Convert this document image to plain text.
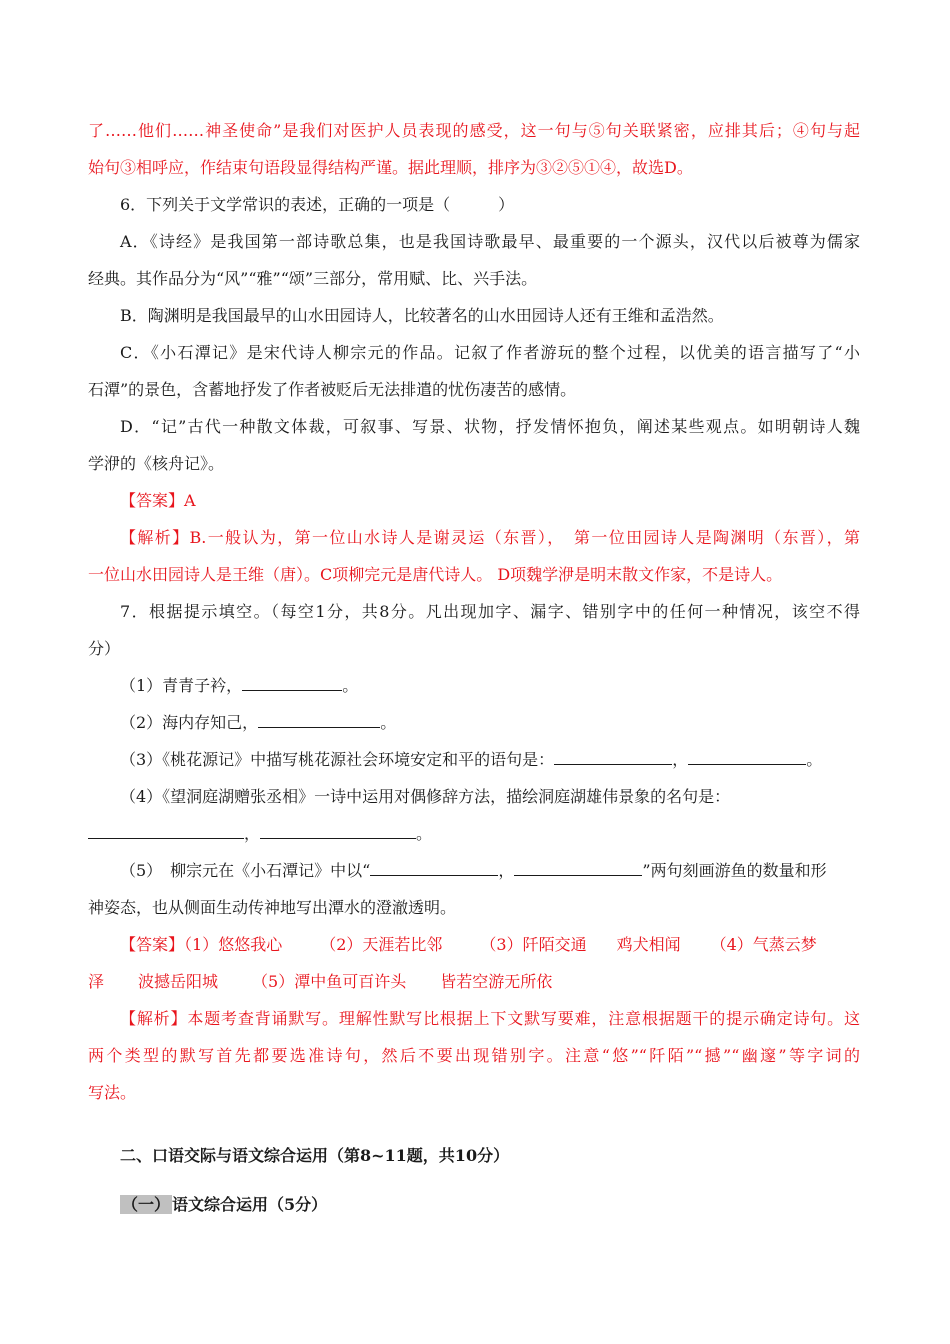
了……他们……神圣使命”是我们对医护人员表现的感受，这一句与⑤句关联紧密，应排其后；④句与起
始句③相呼应，作结束句语段显得结构严谨。据此理顺，排序为③②⑤①④，故选D。
6．下列关于文学常识的表述，正确的一项是（　　　）
A．《诗经》是我国第一部诗歌总集，也是我国诗歌最早、最重要的一个源头，汉代以后被尊为儒家
经典。其作品分为“风”“雅”“颂”三部分，常用赋、比、兴手法。
B．陶渊明是我国最早的山水田园诗人，比较著名的山水田园诗人还有王维和孟浩然。
C．《小石潭记》是宋代诗人柳宗元的作品。记叙了作者游玩的整个过程，以优美的语言描写了“小
石潭”的景色，含蓄地抒发了作者被贬后无法排遣的忧伤凄苦的感情。
D．“记”古代一种散文体裁，可叙事、写景、状物，抒发情怀抱负，阐述某些观点。如明朝诗人魏
学洢的《核舟记》。
【答案】A
【解析】B.一般认为，第一位山水诗人是谢灵运（东晋），　第一位田园诗人是陶渊明（东晋），第
一位山水田园诗人是王维（唐）。C项柳完元是唐代诗人。 D项魏学洢是明末散文作家，不是诗人。
7．根据提示填空。（每空1分，共8分。凡出现加字、漏字、错别字中的任何一种情况，该空不得
分）
（1）青青子衿，	。
（2）海内存知己，	。
（3）《桃花源记》中描写桃花源社会环境安定和平的语句是：	，	。
（4）《望洞庭湖赠张丞相》一诗中运用对偶修辞方法，描绘洞庭湖雄伟景象的名句是：
，	。
（5）　柳宗元在《小石潭记》中以“	，	”两句刻画游鱼的数量和形
神姿态，也从侧面生动传神地写出潭水的澄澈透明。
【答案】（1）悠悠我心 （2）天涯若比邻 （3）阡陌交通 鸡犬相闻 （4）气蒸云梦
泽 波撼岳阳城 （5）潭中鱼可百许头 皆若空游无所依
【解析】本题考查背诵默写。理解性默写比根据上下文默写要难，注意根据题干的提示确定诗句。这
两个类型的默写首先都要选准诗句，然后不要出现错别字。注意“悠”“阡陌”“撼”“幽邃”等字词的
写法。
二、口语交际与语文综合运用（第8~11题，共10分）
（一） 语文综合运用（5分）
